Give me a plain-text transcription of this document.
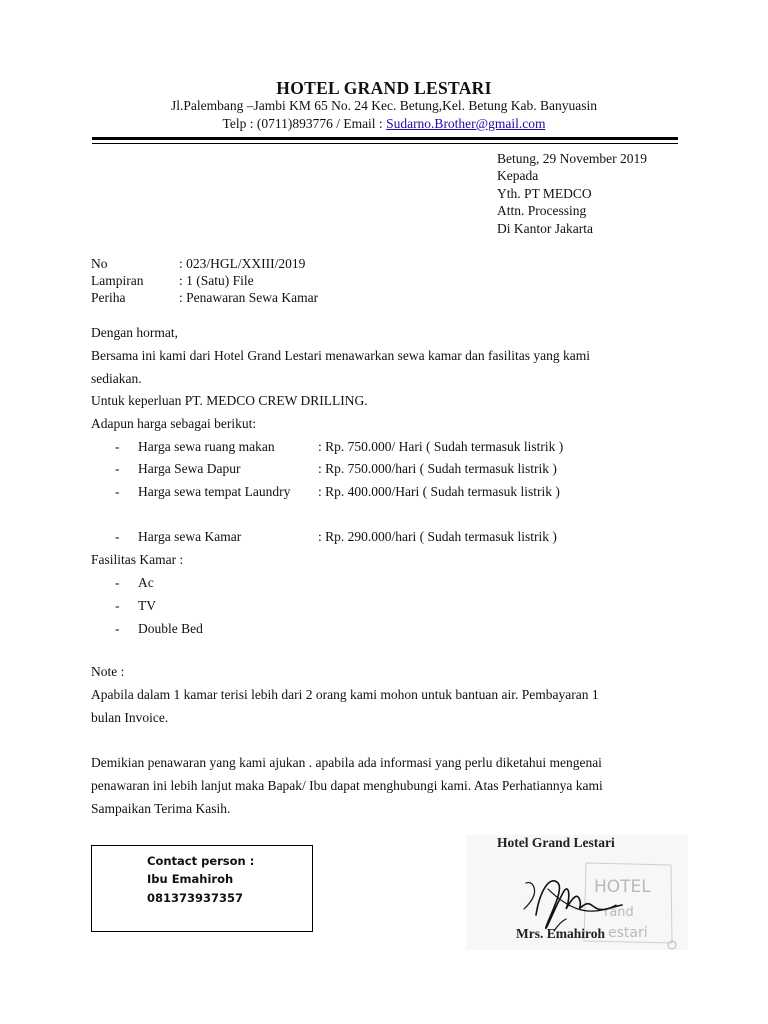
HOTEL GRAND LESTARI
Jl.Palembang –Jambi KM 65 No. 24 Kec. Betung,Kel. Betung Kab. Banyuasin
Telp : (0711)893776 / Email : Sudarno.Brother@gmail.com
Betung, 29 November 2019
Kepada
Yth. PT MEDCO
Attn. Processing
Di Kantor Jakarta
No	: 023/HGL/XXIII/2019
Lampiran	: 1 (Satu) File
Periha	: Penawaran Sewa Kamar
Dengan hormat,
Bersama ini kami dari Hotel Grand Lestari menawarkan sewa kamar dan fasilitas yang kami
sediakan.
Untuk keperluan PT. MEDCO CREW DRILLING.
Adapun harga sebagai berikut:
- Harga sewa ruang makan	: Rp. 750.000/ Hari ( Sudah termasuk listrik )
- Harga Sewa Dapur	: Rp. 750.000/hari ( Sudah termasuk listrik )
- Harga sewa tempat Laundry : Rp. 400.000/Hari ( Sudah termasuk listrik )
- Harga sewa Kamar	: Rp. 290.000/hari ( Sudah termasuk listrik )
Fasilitas Kamar :
- Ac
- TV
- Double Bed
Note :
Apabila dalam 1 kamar terisi lebih dari 2 orang kami mohon untuk bantuan air. Pembayaran 1
bulan Invoice.
Demikian penawaran yang kami ajukan . apabila ada informasi yang perlu diketahui mengenai
penawaran ini lebih lanjut maka Bapak/ Ibu dapat menghubungi kami. Atas Perhatiannya kami
Sampaikan Terima Kasih.
Contact person :
Ibu Emahiroh
081373937357
Hotel Grand Lestari
HOTEL
rand
estari
Mrs. Emahiroh
